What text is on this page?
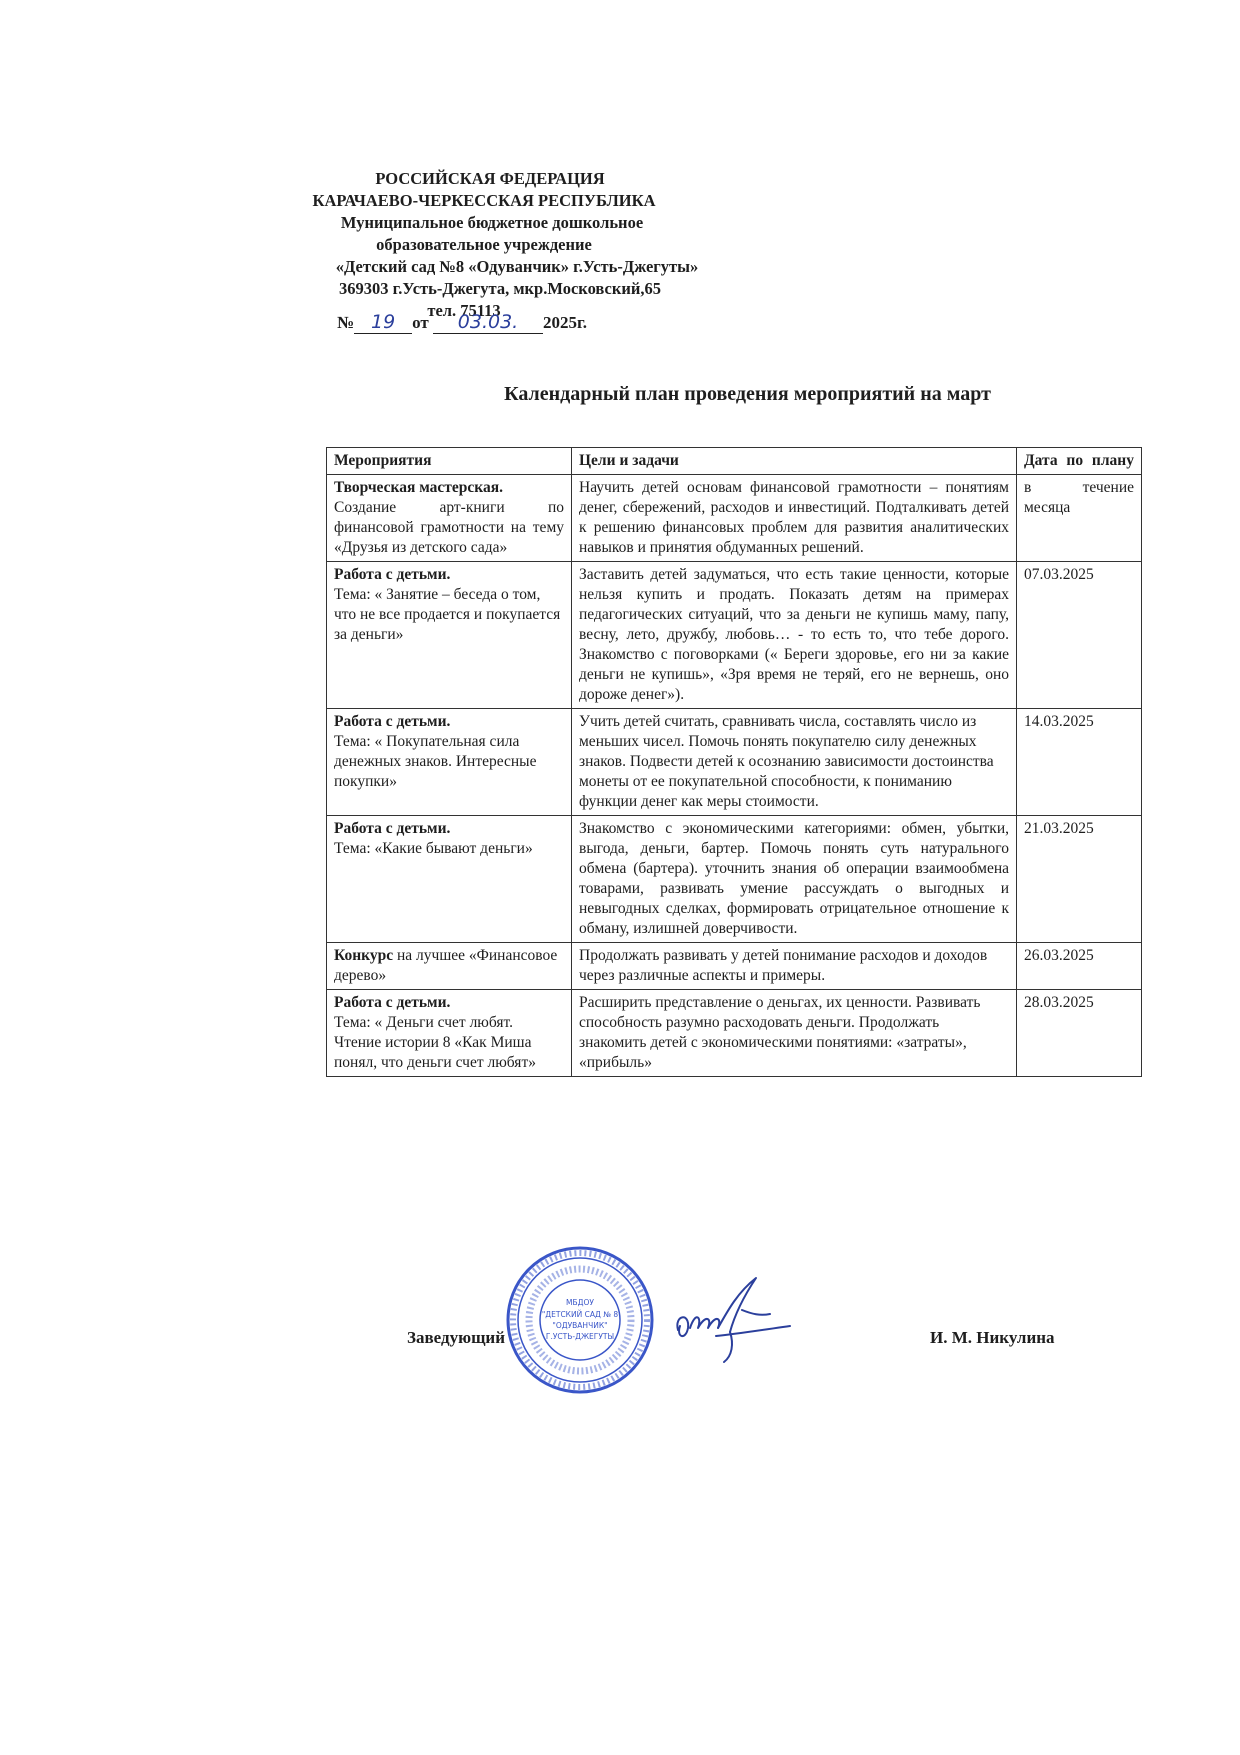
РОССИЙСКАЯ ФЕДЕРАЦИЯ
КАРАЧАЕВО-ЧЕРКЕССКАЯ РЕСПУБЛИКА
Муниципальное бюджетное дошкольное
образовательное учреждение
«Детский сад №8 «Одуванчик» г.Усть-Джегуты»
369303 г.Усть-Джегута, мкр.Московский,65
тел. 75113
№ 19 от 03.03. 2025г.
Календарный план проведения мероприятий на март
Мероприятия	Цели и задачи	Дата по плану
Творческая мастерская.
Создание арт-книги по финансовой грамотности на тему «Друзья из детского сада»	Научить детей основам финансовой грамотности – понятиям денег, сбережений, расходов и инвестиций. Подталкивать детей к решению финансовых проблем для развития аналитических навыков и принятия обдуманных решений.	в течение месяца
Работа с детьми.
Тема: « Занятие – беседа о том, что не все продается и покупается за деньги»	Заставить детей задуматься, что есть такие ценности, которые нельзя купить и продать. Показать детям на примерах педагогических ситуаций, что за деньги не купишь маму, папу, весну, лето, дружбу, любовь… - то есть то, что тебе дорого. Знакомство с поговорками (« Береги здоровье, его ни за какие деньги не купишь», «Зря время не теряй, его не вернешь, оно дороже денег»).	07.03.2025
Работа с детьми.
Тема: « Покупательная сила денежных знаков. Интересные покупки»	Учить детей считать, сравнивать числа, составлять число из меньших чисел. Помочь понять покупателю силу денежных знаков. Подвести детей к осознанию зависимости достоинства монеты от ее покупательной способности, к пониманию функции денег как меры стоимости.	14.03.2025
Работа с детьми.
Тема: «Какие бывают деньги»	Знакомство с экономическими категориями: обмен, убытки, выгода, деньги, бартер. Помочь понять суть натурального обмена (бартера). уточнить знания об операции взаимообмена товарами, развивать умение рассуждать о выгодных и невыгодных сделках, формировать отрицательное отношение к обману, излишней доверчивости.	21.03.2025
Конкурс на лучшее «Финансовое дерево»	Продолжать развивать у детей понимание расходов и доходов через различные аспекты и примеры.	26.03.2025
Работа с детьми.
Тема: « Деньги счет любят. Чтение истории 8 «Как Миша понял, что деньги счет любят»	Расширить представление о деньгах, их ценности. Развивать способность разумно расходовать деньги. Продолжать знакомить детей с экономическими понятиями: «затраты», «прибыль»	28.03.2025
Заведующий
МБДОУ
"ДЕТСКИЙ САД № 8
"ОДУВАНЧИК"
Г.УСТЬ-ДЖЕГУТЫ	И. М. Никулина
